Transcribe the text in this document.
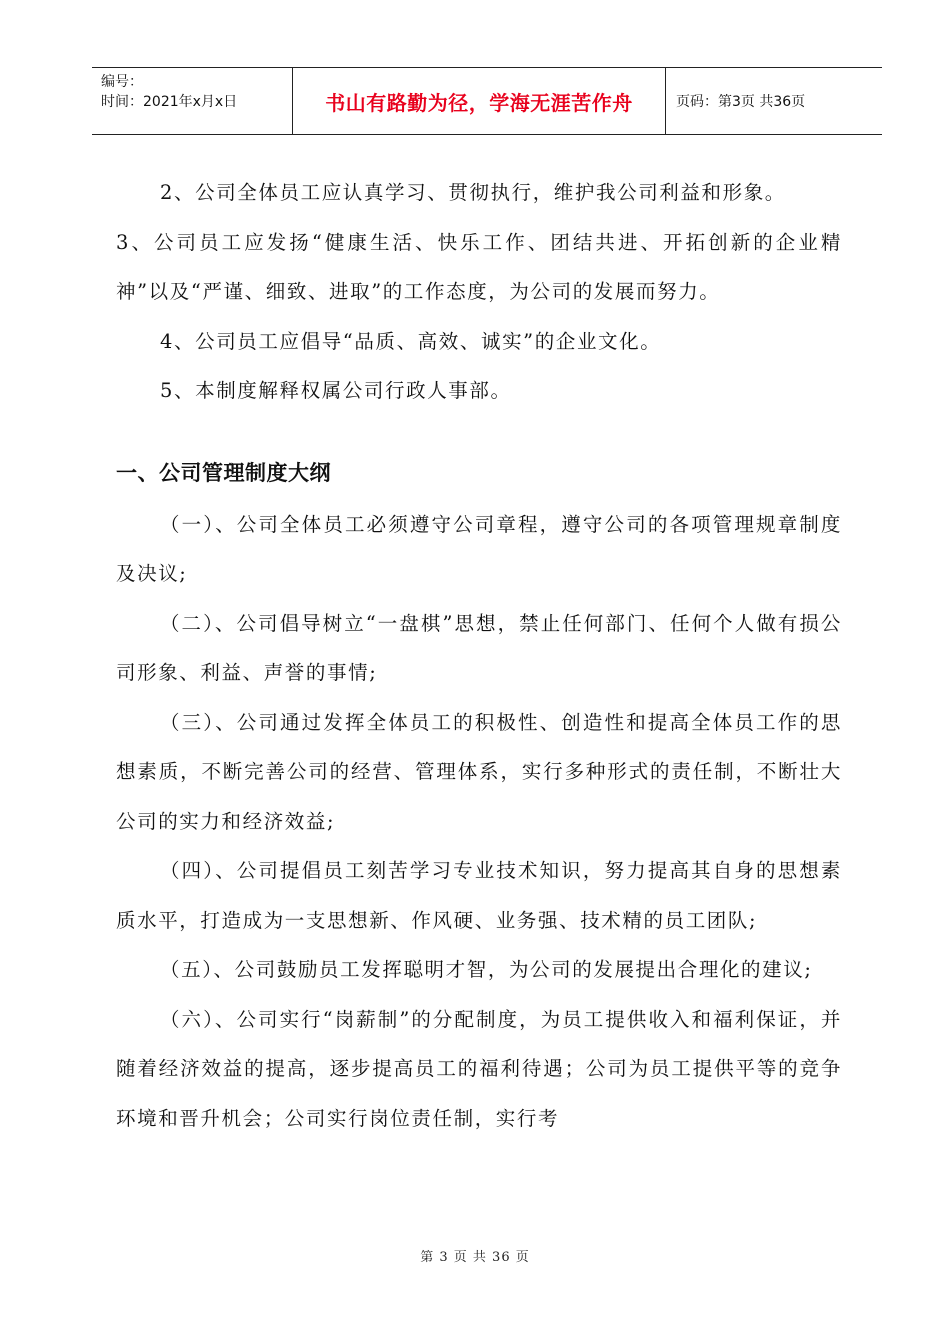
编号：
时间：2021年x月x日	书山有路勤为径，学海无涯苦作舟	页码：第3页 共36页

2、公司全体员工应认真学习、贯彻执行，维护我公司利益和形象。

3、公司员工应发扬“健康生活、快乐工作、团结共进、开拓创新的企业精神”以及“严谨、细致、进取”的工作态度，为公司的发展而努力。

4、公司员工应倡导“品质、高效、诚实”的企业文化。

5、本制度解释权属公司行政人事部。

一、公司管理制度大纲

（一）、公司全体员工必须遵守公司章程，遵守公司的各项管理规章制度及决议;

（二）、公司倡导树立“一盘棋”思想，禁止任何部门、任何个人做有损公司形象、利益、声誉的事情;

（三）、公司通过发挥全体员工的积极性、创造性和提高全体员工作的思想素质，不断完善公司的经营、管理体系，实行多种形式的责任制，不断壮大公司的实力和经济效益;

（四）、公司提倡员工刻苦学习专业技术知识，努力提高其自身的思想素质水平，打造成为一支思想新、作风硬、业务强、技术精的员工团队;

（五）、公司鼓励员工发挥聪明才智，为公司的发展提出合理化的建议;

（六）、公司实行“岗薪制”的分配制度，为员工提供收入和福利保证，并随着经济效益的提高，逐步提高员工的福利待遇；公司为员工提供平等的竞争环境和晋升机会；公司实行岗位责任制，实行考

第 3 页 共 36 页
